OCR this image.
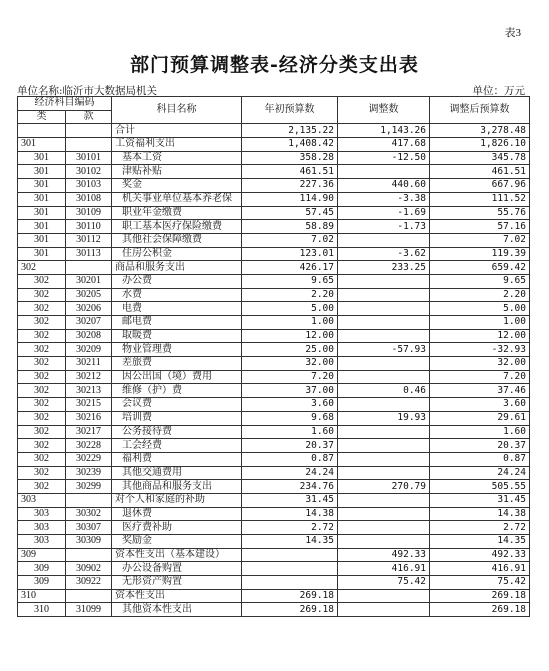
表3
部门预算调整表-经济分类支出表
单位名称:临沂市大数据局机关	单位：万元
经济科目编码		科目名称	年初预算数	调整数	调整后预算数
类	款				
		合计	2,135.22	1,143.26	3,278.48
301		工资福利支出	1,408.42	417.68	1,826.10
301	30101	基本工资	358.28	-12.50	345.78
301	30102	津贴补贴	461.51		461.51
301	30103	奖金	227.36	440.60	667.96
301	30108	机关事业单位基本养老保	114.90	-3.38	111.52
301	30109	职业年金缴费	57.45	-1.69	55.76
301	30110	职工基本医疗保险缴费	58.89	-1.73	57.16
301	30112	其他社会保障缴费	7.02		7.02
301	30113	住房公积金	123.01	-3.62	119.39
302		商品和服务支出	426.17	233.25	659.42
302	30201	办公费	9.65		9.65
302	30205	水费	2.20		2.20
302	30206	电费	5.00		5.00
302	30207	邮电费	1.00		1.00
302	30208	取暖费	12.00		12.00
302	30209	物业管理费	25.00	-57.93	-32.93
302	30211	差旅费	32.00		32.00
302	30212	因公出国（境）费用	7.20		7.20
302	30213	维修（护）费	37.00	0.46	37.46
302	30215	会议费	3.60		3.60
302	30216	培训费	9.68	19.93	29.61
302	30217	公务接待费	1.60		1.60
302	30228	工会经费	20.37		20.37
302	30229	福利费	0.87		0.87
302	30239	其他交通费用	24.24		24.24
302	30299	其他商品和服务支出	234.76	270.79	505.55
303		对个人和家庭的补助	31.45		31.45
303	30302	退休费	14.38		14.38
303	30307	医疗费补助	2.72		2.72
303	30309	奖励金	14.35		14.35
309		资本性支出（基本建设）		492.33	492.33
309	30902	办公设备购置		416.91	416.91
309	30922	无形资产购置		75.42	75.42
310		资本性支出	269.18		269.18
310	31099	其他资本性支出	269.18		269.18
